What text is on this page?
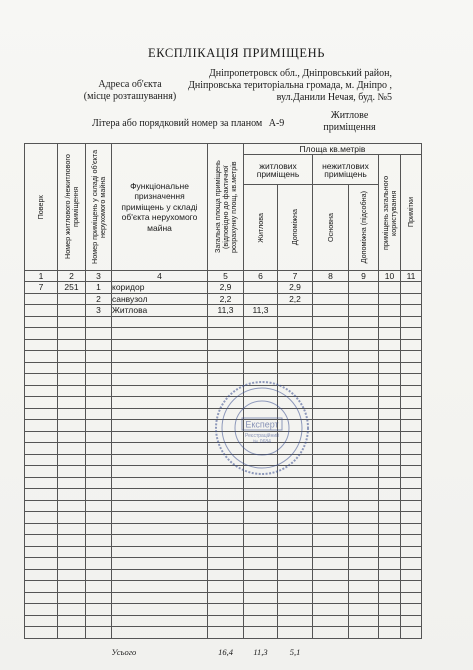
ЕКСПЛІКАЦІЯ ПРИМІЩЕНЬ
Адреса об'єкта
(місце розташування)
Дніпропетровск обл., Дніпровський район,
Дніпровська територіальна громада, м. Дніпро ,
вул.Данили Нечая, буд. №5
Літера або порядковий номер за планом А-9
Житлове
приміщення
Поверх	Номер житлового /нежитлового приміщення	Номер приміщень у складі об'єкта нерухомого майна	Функціональне призначення приміщень у складі об'єкта нерухомого майна	Загальна площа приміщень (відповідно до фактичної розрахунку площ, кв.метрів	Площа кв.метрів					
					житлових приміщень		нежитлових приміщень		приміщень загального користування	Примітки

					Житлова	Допоміжна	Основна	Допоміжна (підсобна)		

1	2	3	4	5	6	7	8	9	10	11
7	251	1	коридор	2,9		2,9				
		2	санвузол	2,2		2,2				
		3	Житлова	11,3	11,3					

			Усього	16,4	11,3	5,1				
Експерт
Реєстраційний
№ 0684
